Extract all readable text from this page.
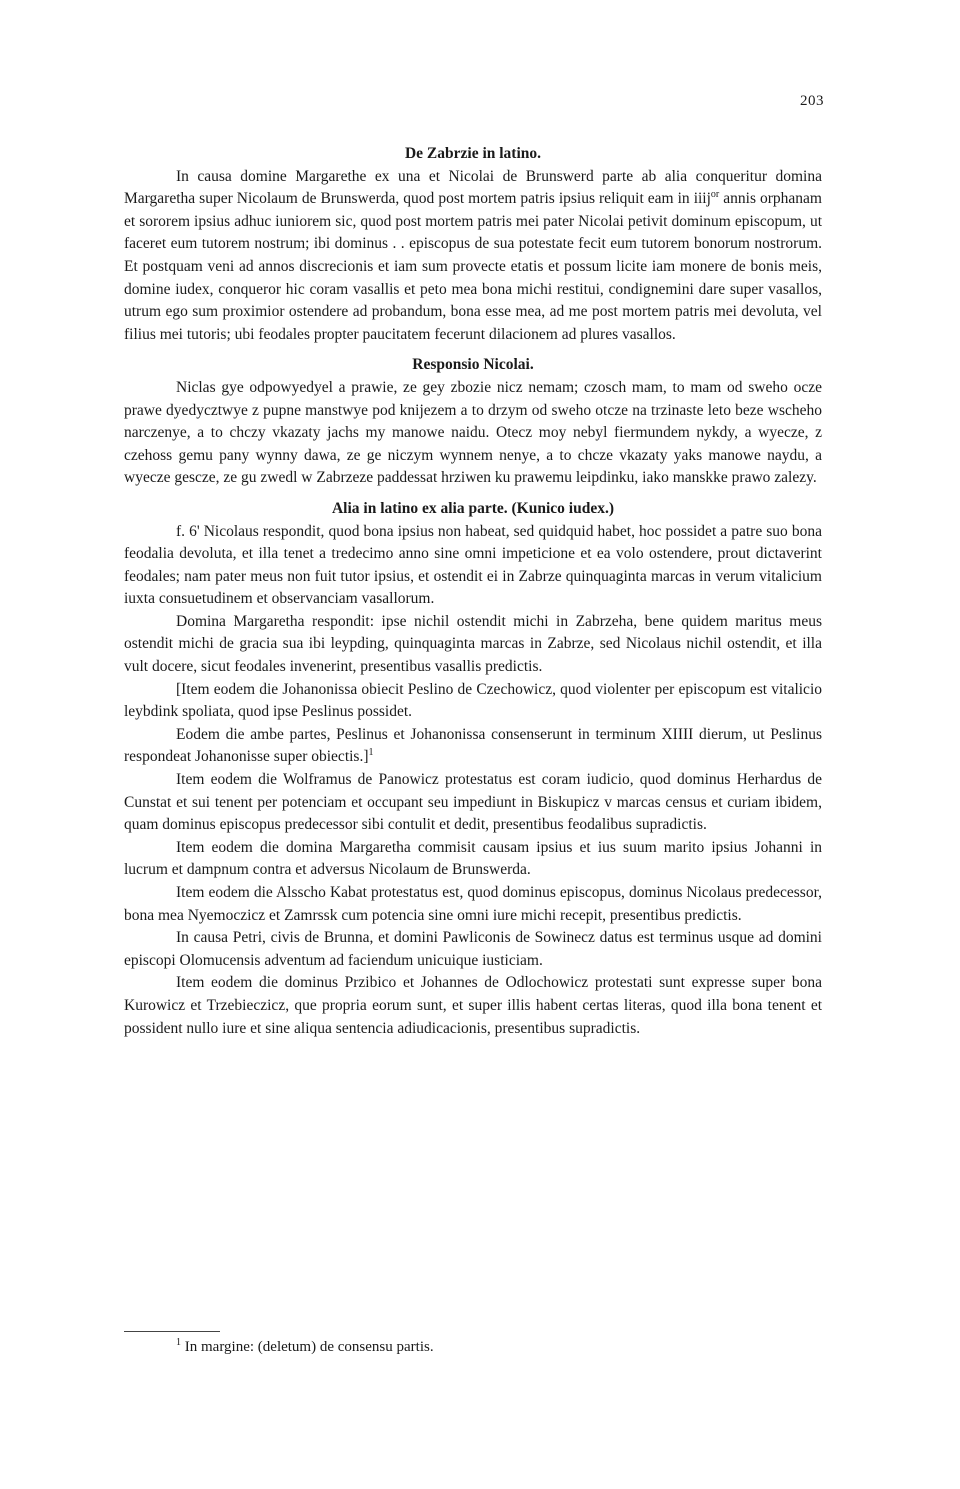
203
De Zabrzie in latino.

In causa domine Margarethe ex una et Nicolai de Brunswerd parte ab alia conqueritur domina Margaretha super Nicolaum de Brunswerda, quod post mortem patris ipsius reliquit eam in iiij$^{or}$ annis orphanam et sororem ipsius adhuc iuniorem sic, quod post mortem patris mei pater Nicolai petivit dominum episcopum, ut faceret eum tutorem nostrum; ibi dominus . . episcopus de sua potestate fecit eum tutorem bonorum nostrorum. Et postquam veni ad annos discrecionis et iam sum provecte etatis et possum licite iam monere de bonis meis, domine iudex, conqueror hic coram vasallis et peto mea bona michi restitui, condignemini dare super vasallos, utrum ego sum proximior ostendere ad probandum, bona esse mea, ad me post mortem patris mei devoluta, vel filius mei tutoris; ubi feodales propter paucitatem fecerunt dilacionem ad plures vasallos.

Responsio Nicolai.

Niclas gye odpowyedyel a prawie, ze gey zbozie nicz nemam; czosch mam, to mam od sweho ocze prawe dyedycztwye z pupne manstwye pod knijezem a to drzym od sweho otcze na trzinaste leto beze wscheho narczenye, a to chczy vkazaty jachs my manowe naidu. Otecz moy nebyl fiermundem nykdy, a wyecze, z czehoss gemu pany wynny dawa, ze ge niczym wynnem nenye, a to chcze vkazaty yaks manowe naydu, a wyecze gescze, ze gu zwedl w Zabrzeze paddessat hrziwen ku prawemu leipdinku, iako manskke prawo zalezy.

Alia in latino ex alia parte. (Kunico iudex.)

f. 6' Nicolaus respondit, quod bona ipsius non habeat, sed quidquid habet, hoc possidet a patre suo bona feodalia devoluta, et illa tenet a tredecimo anno sine omni impeticione et ea volo ostendere, prout dictaverint feodales; nam pater meus non fuit tutor ipsius, et ostendit ei in Zabrze quinquaginta marcas in verum vitalicium iuxta consuetudinem et observanciam vasallorum.

Domina Margaretha respondit: ipse nichil ostendit michi in Zabrzeha, bene quidem maritus meus ostendit michi de gracia sua ibi leypding, quinquaginta marcas in Zabrze, sed Nicolaus nichil ostendit, et illa vult docere, sicut feodales invenerint, presentibus vasallis predictis.

[Item eodem die Johanonissa obiecit Peslino de Czechowicz, quod violenter per episcopum est vitalicio leybdink spoliata, quod ipse Peslinus possidet.

Eodem die ambe partes, Peslinus et Johanonissa consenserunt in terminum XIIII dierum, ut Peslinus respondeat Johanonisse super obiectis.]$^1$

Item eodem die Wolframus de Panowicz protestatus est coram iudicio, quod dominus Herhardus de Cunstat et sui tenent per potenciam et occupant seu impediunt in Biskupicz v marcas census et curiam ibidem, quam dominus episcopus predecessor sibi contulit et dedit, presentibus feodalibus supradictis.

Item eodem die domina Margaretha commisit causam ipsius et ius suum marito ipsius Johanni in lucrum et dampnum contra et adversus Nicolaum de Brunswerda.

Item eodem die Alsscho Kabat protestatus est, quod dominus episcopus, dominus Nicolaus predecessor, bona mea Nyemoczicz et Zamrssk cum potencia sine omni iure michi recepit, presentibus predictis.

In causa Petri, civis de Brunna, et domini Pawliconis de Sowinecz datus est terminus usque ad domini episcopi Olomucensis adventum ad faciendum unicuique iusticiam.

Item eodem die dominus Przibico et Johannes de Odlochowicz protestati sunt expresse super bona Kurowicz et Trzebieczicz, que propria eorum sunt, et super illis habent certas literas, quod illa bona tenent et possident nullo iure et sine aliqua sentencia adiudicacionis, presentibus supradictis.

$^1$ In margine: (deletum) de consensu partis.
